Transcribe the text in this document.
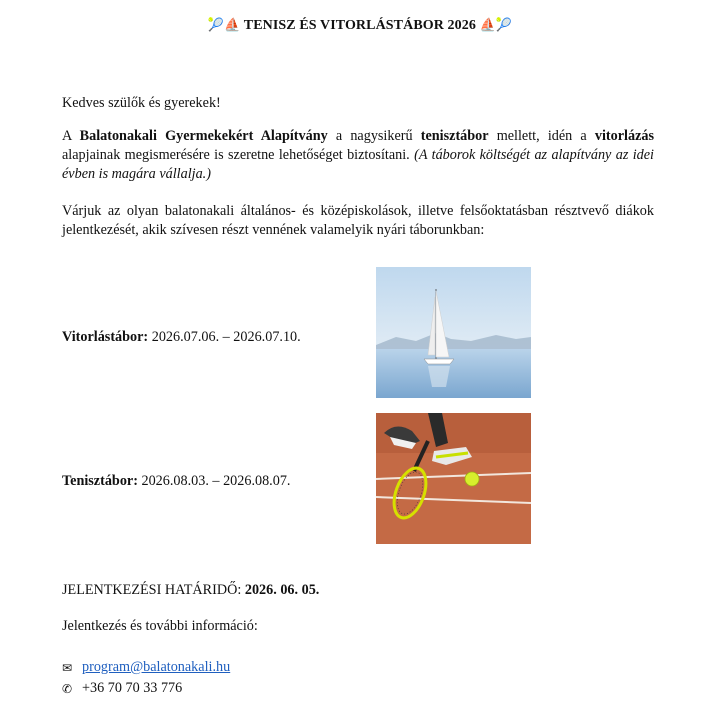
🎾⛵ TENISZ ÉS VITORLÁSTÁBOR 2026 ⛵🎾
Kedves szülők és gyerekek!
A Balatonakali Gyermekekért Alapítvány a nagysikerű tenisztábor mellett, idén a vitorlázás alapjainak megismerésére is szeretne lehetőséget biztosítani. (A táborok költségét az alapítvány az idei évben is magára vállalja.)
Várjuk az olyan balatonakali általános- és középiskolások, illetve felsőoktatásban résztvevő diákok jelentkezését, akik szívesen részt vennének valamelyik nyári táborunkban:
Vitorlástábor: 2026.07.06. – 2026.07.10.
Tenisztábor: 2026.08.03. – 2026.08.07.
JELENTKEZÉSI HATÁRIDŐ: 2026. 06. 05.
Jelentkezés és további információ:
✉ program@balatonakali.hu
✆ +36 70 70 33 776
